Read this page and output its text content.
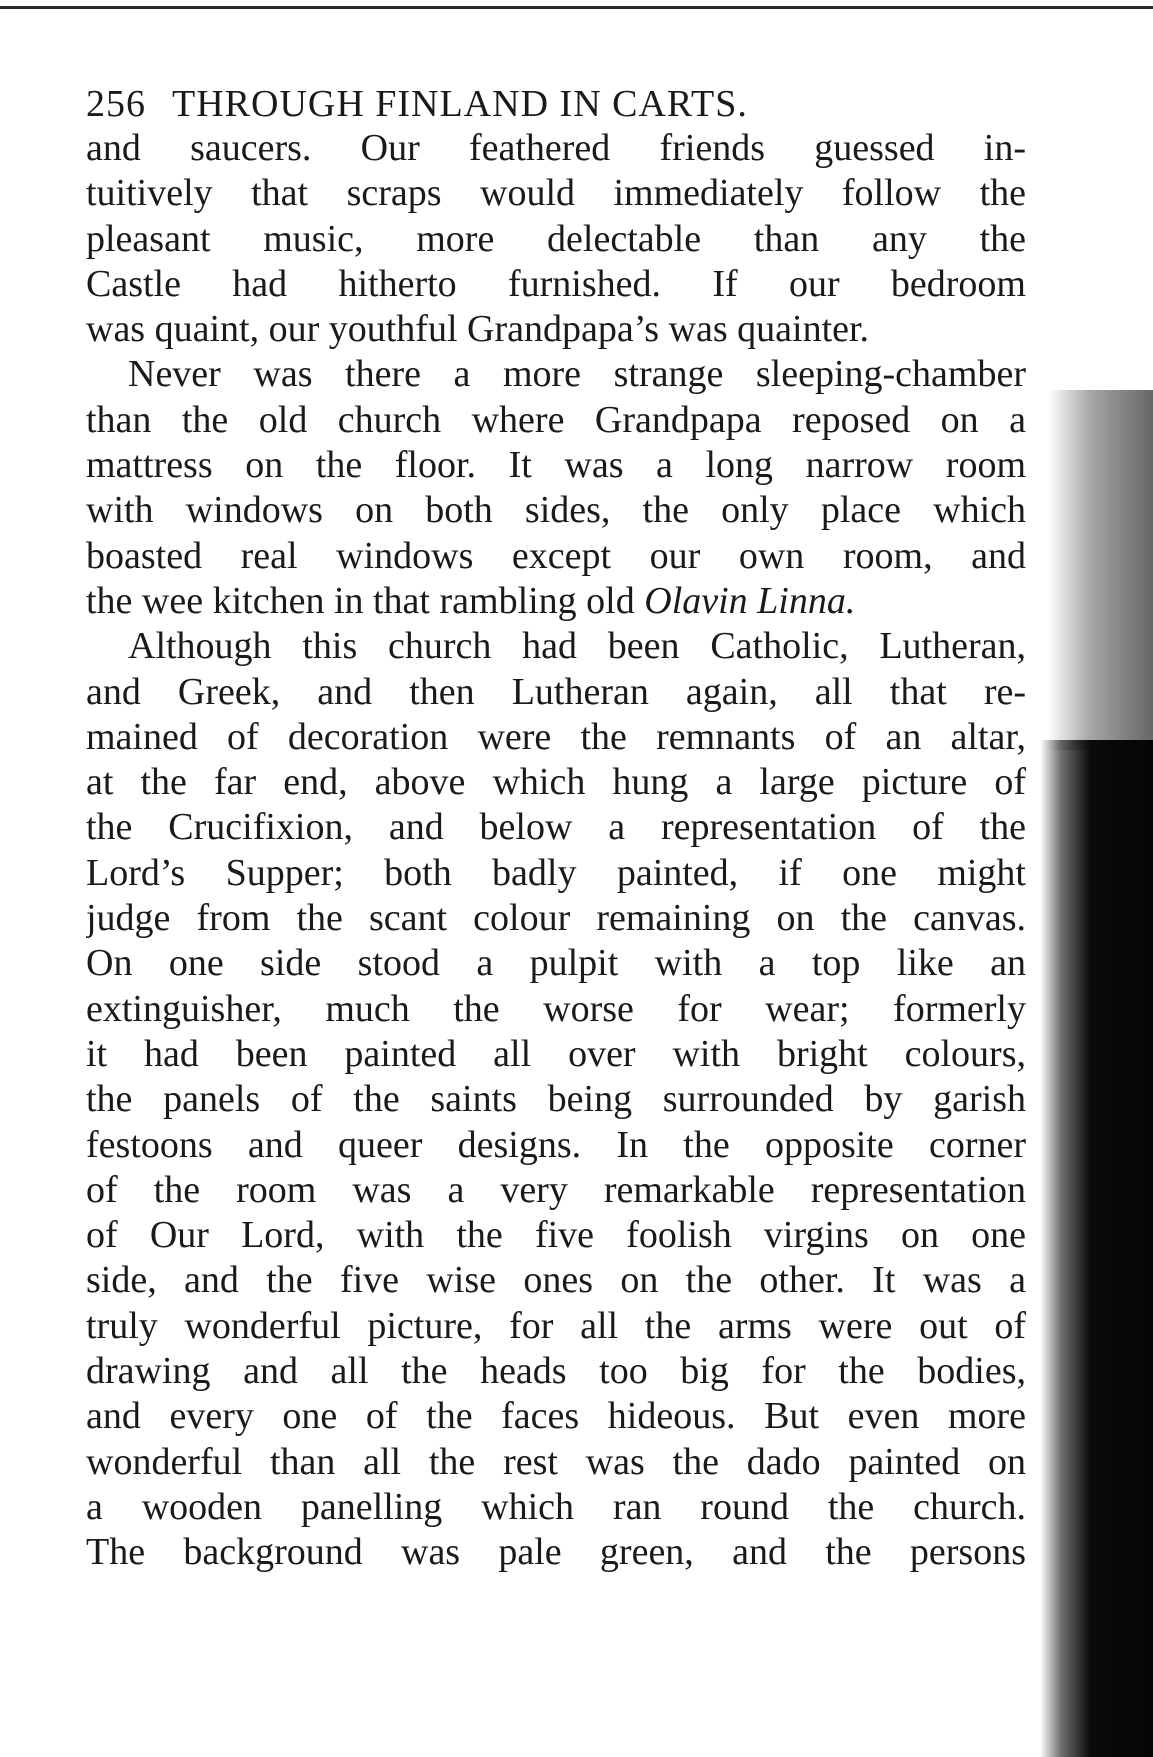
256 THROUGH FINLAND IN CARTS.
and saucers. Our feathered friends guessed in-
tuitively that scraps would immediately follow the
pleasant music, more delectable than any the
Castle had hitherto furnished. If our bedroom
was quaint, our youthful Grandpapa’s was quainter.
Never was there a more strange sleeping-chamber
than the old church where Grandpapa reposed on a
mattress on the floor. It was a long narrow room
with windows on both sides, the only place which
boasted real windows except our own room, and
the wee kitchen in that rambling old Olavin Linna.
Although this church had been Catholic, Lutheran,
and Greek, and then Lutheran again, all that re-
mained of decoration were the remnants of an altar,
at the far end, above which hung a large picture of
the Crucifixion, and below a representation of the
Lord’s Supper; both badly painted, if one might
judge from the scant colour remaining on the canvas.
On one side stood a pulpit with a top like an
extinguisher, much the worse for wear; formerly
it had been painted all over with bright colours,
the panels of the saints being surrounded by garish
festoons and queer designs. In the opposite corner
of the room was a very remarkable representation
of Our Lord, with the five foolish virgins on one
side, and the five wise ones on the other. It was a
truly wonderful picture, for all the arms were out of
drawing and all the heads too big for the bodies,
and every one of the faces hideous. But even more
wonderful than all the rest was the dado painted on
a wooden panelling which ran round the church.
The background was pale green, and the persons
